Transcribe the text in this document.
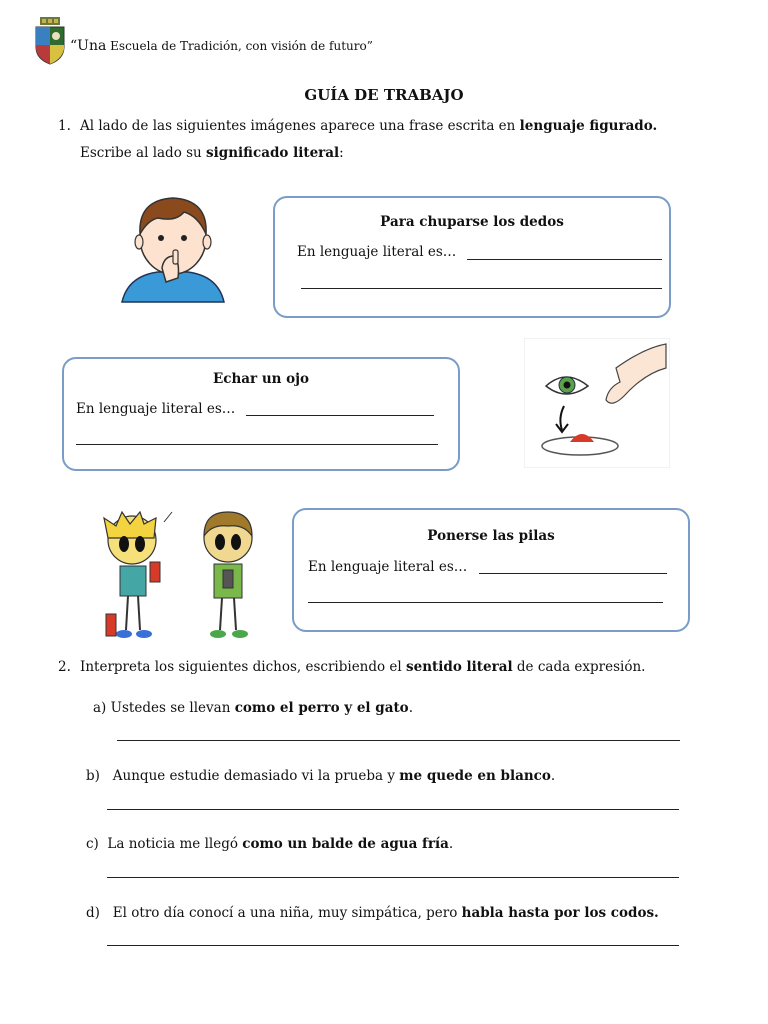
“Una Escuela de Tradición, con visión de futuro”
GUÍA DE TRABAJO
1. Al lado de las siguientes imágenes aparece una frase escrita en lenguaje figurado.
Escribe al lado su significado literal:
Para chuparse los dedos
En lenguaje literal es…
Echar un ojo
En lenguaje literal es…
Ponerse las pilas
En lenguaje literal es…
2. Interpreta los siguientes dichos, escribiendo el sentido literal de cada expresión.
a) Ustedes se llevan como el perro y el gato.
b) Aunque estudie demasiado vi la prueba y me quede en blanco.
c) La noticia me llegó como un balde de agua fría.
d) El otro día conocí a una niña, muy simpática, pero habla hasta por los codos.
